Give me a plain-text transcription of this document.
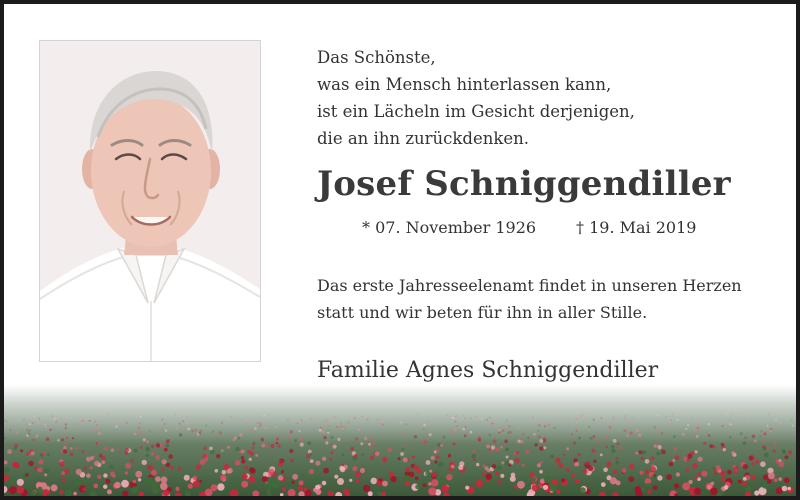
Das Schönste,
was ein Mensch hinterlassen kann,
ist ein Lächeln im Gesicht derjenigen,
die an ihn zurückdenken.
Josef Schniggendiller
* 07. November 1926 † 19. Mai 2019
Das erste Jahresseelenamt findet in unseren Herzen
statt und wir beten für ihn in aller Stille.
Familie Agnes Schniggendiller
